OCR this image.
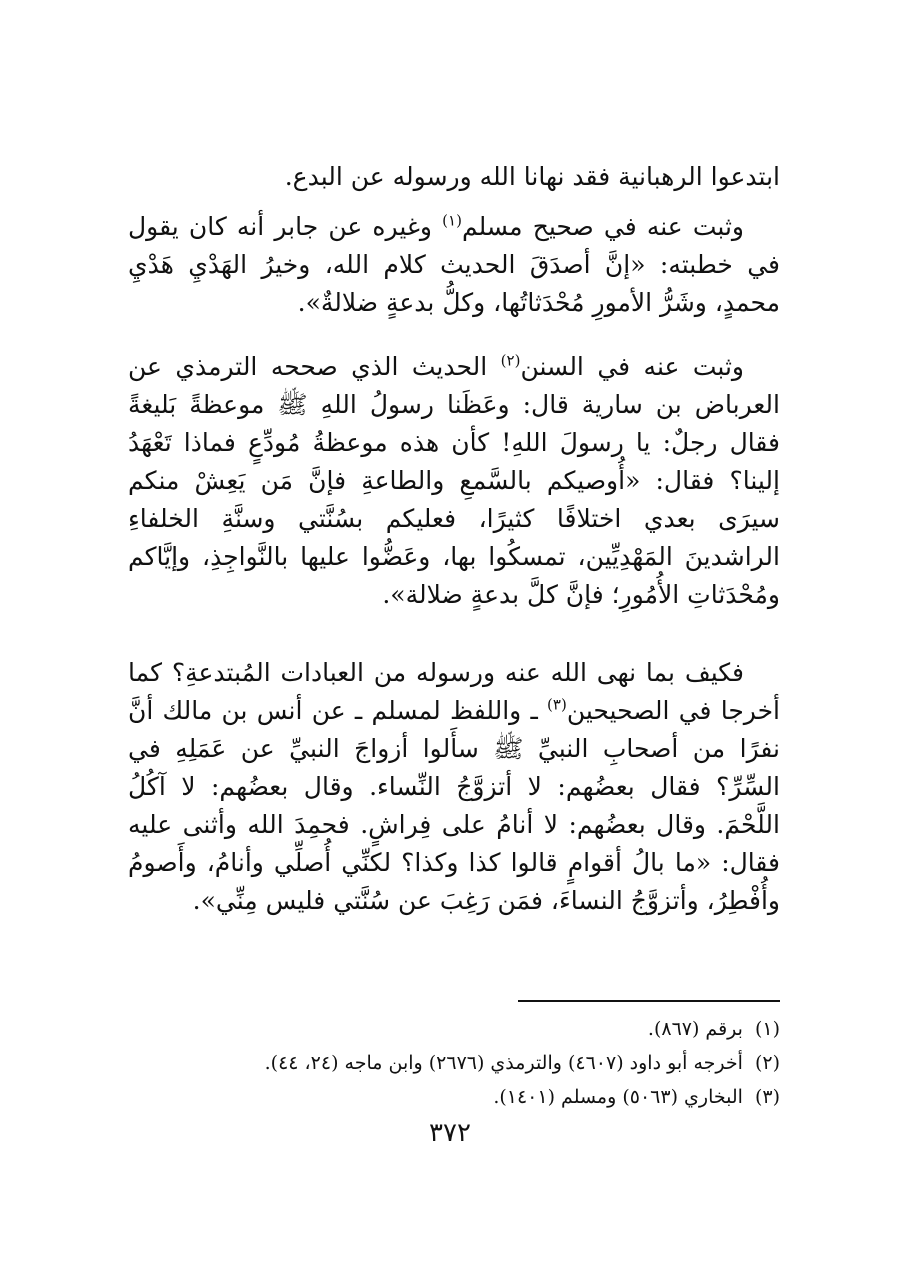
ابتدعوا الرهبانية فقد نهانا الله ورسوله عن البدع.

وثبت عنه في صحيح مسلم$^{(١)}$ وغيره عن جابر أنه كان يقول في خطبته: «إنَّ أصدَقَ الحديث كلام الله، وخيرُ الهَدْيِ هَدْيِ محمدٍ، وشَرُّ الأمورِ مُحْدَثاتُها، وكلُّ بدعةٍ ضلالةٌ».

وثبت عنه في السنن$^{(٢)}$ الحديث الذي صححه الترمذي عن العرباض بن سارية قال: وعَظَنا رسولُ اللهِ ﷺ موعظةً بَليغةً فقال رجلٌ: يا رسولَ اللهِ! كأن هذه موعظةُ مُودِّعٍ فماذا تَعْهَدُ إلينا؟ فقال: «أُوصيكم بالسَّمعِ والطاعةِ فإنَّ مَن يَعِشْ منكم سيرَى بعدي اختلافًا كثيرًا، فعليكم بسُنَّتي وسنَّةِ الخلفاءِ الراشدينَ المَهْدِيِّين، تمسكُوا بها، وعَضُّوا عليها بالنَّواجِذِ، وإيَّاكم ومُحْدَثاتِ الأُمُورِ؛ فإنَّ كلَّ بدعةٍ ضلالة».

فكيف بما نهى الله عنه ورسوله من العبادات المُبتدعةِ؟ كما أخرجا في الصحيحين$^{(٣)}$ ـ واللفظ لمسلم ـ عن أنس بن مالك أنَّ نفرًا من أصحابِ النبيِّ ﷺ سأَلوا أزواجَ النبيِّ عن عَمَلِهِ في السِّرِّ؟ فقال بعضُهم: لا أتزوَّجُ النِّساء. وقال بعضُهم: لا آكُلُ اللَّحْمَ. وقال بعضُهم: لا أنامُ على فِراشٍ. فحمِدَ الله وأثنى عليه فقال: «ما بالُ أقوامٍ قالوا كذا وكذا؟ لكنِّي أُصلِّي وأنامُ، وأَصومُ وأُفْطِرُ، وأتزوَّجُ النساءَ، فمَن رَغِبَ عن سُنَّتي فليس مِنِّي».

(١)برقم (٨٦٧).
(٢)أخرجه أبو داود (٤٦٠٧) والترمذي (٢٦٧٦) وابن ماجه (٢٤، ٤٤).
(٣)البخاري (٥٠٦٣) ومسلم (١٤٠١).
٣٧٢
